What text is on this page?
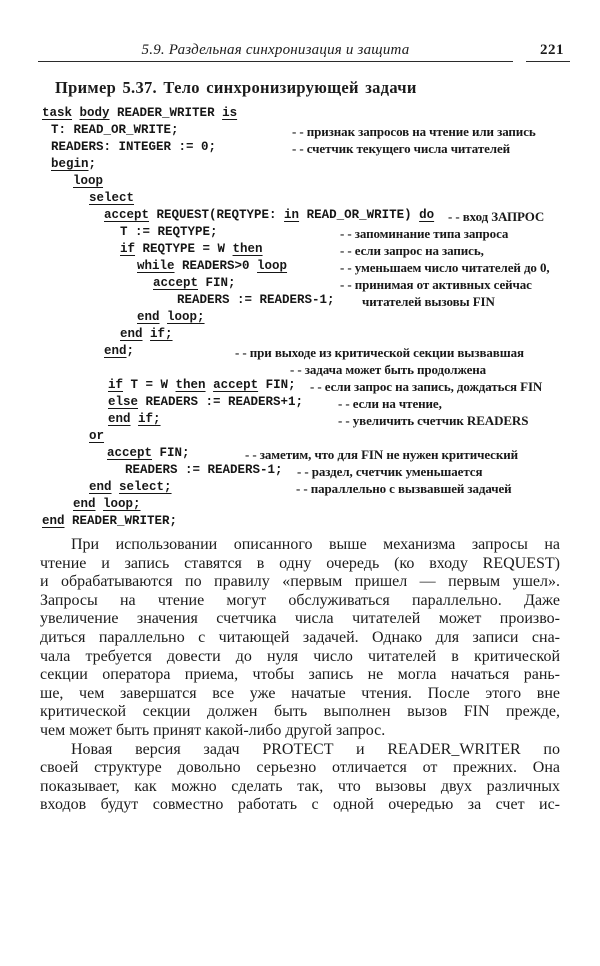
5.9. Раздельная синхронизация и защита	221
Пример 5.37. Тело синхронизирующей задачи
task body READER_WRITER is
T: READ_OR_WRITE;	- - признак запросов на чтение или запись
READERS: INTEGER := 0;	- - счетчик текущего числа читателей
begin;
loop
select
accept REQUEST(REQTYPE: in READ_OR_WRITE) do - - вход ЗАПРОС
T := REQTYPE;	- - запоминание типа запроса
if REQTYPE = W then	- - если запрос на запись,
while READERS>0 loop	- - уменьшаем число читателей до 0,
accept FIN;	- - принимая от активных сейчас
READERS := READERS-1; читателей вызовы FIN
end loop;
end if;
end;	- - при выходе из критической секции вызвавшая
- - задача может быть продолжена
if T = W then accept FIN; - - если запрос на запись, дождаться FIN
else READERS := READERS+1;	- - если на чтение,
end if;	- - увеличить счетчик READERS
or
accept FIN;	- - заметим, что для FIN не нужен критический
READERS := READERS-1; - - раздел, счетчик уменьшается
end select;	- - параллельно с вызвавшей задачей
end loop;
end READER_WRITER;
При использовании описанного выше механизма запросы на
чтение и запись ставятся в одну очередь (ко входу REQUEST)
и обрабатываются по правилу «первым пришел — первым ушел».
Запросы на чтение могут обслуживаться параллельно. Даже
увеличение значения счетчика числа читателей может произво-
диться параллельно с читающей задачей. Однако для записи сна-
чала требуется довести до нуля число читателей в критической
секции оператора приема, чтобы запись не могла начаться рань-
ше, чем завершатся все уже начатые чтения. После этого вне
критической секции должен быть выполнен вызов FIN прежде,
чем может быть принят какой-либо другой запрос.
Новая версия задач PROTECT и READER_WRITER по
своей структуре довольно серьезно отличается от прежних. Она
показывает, как можно сделать так, что вызовы двух различных
входов будут совместно работать с одной очередью за счет ис-
